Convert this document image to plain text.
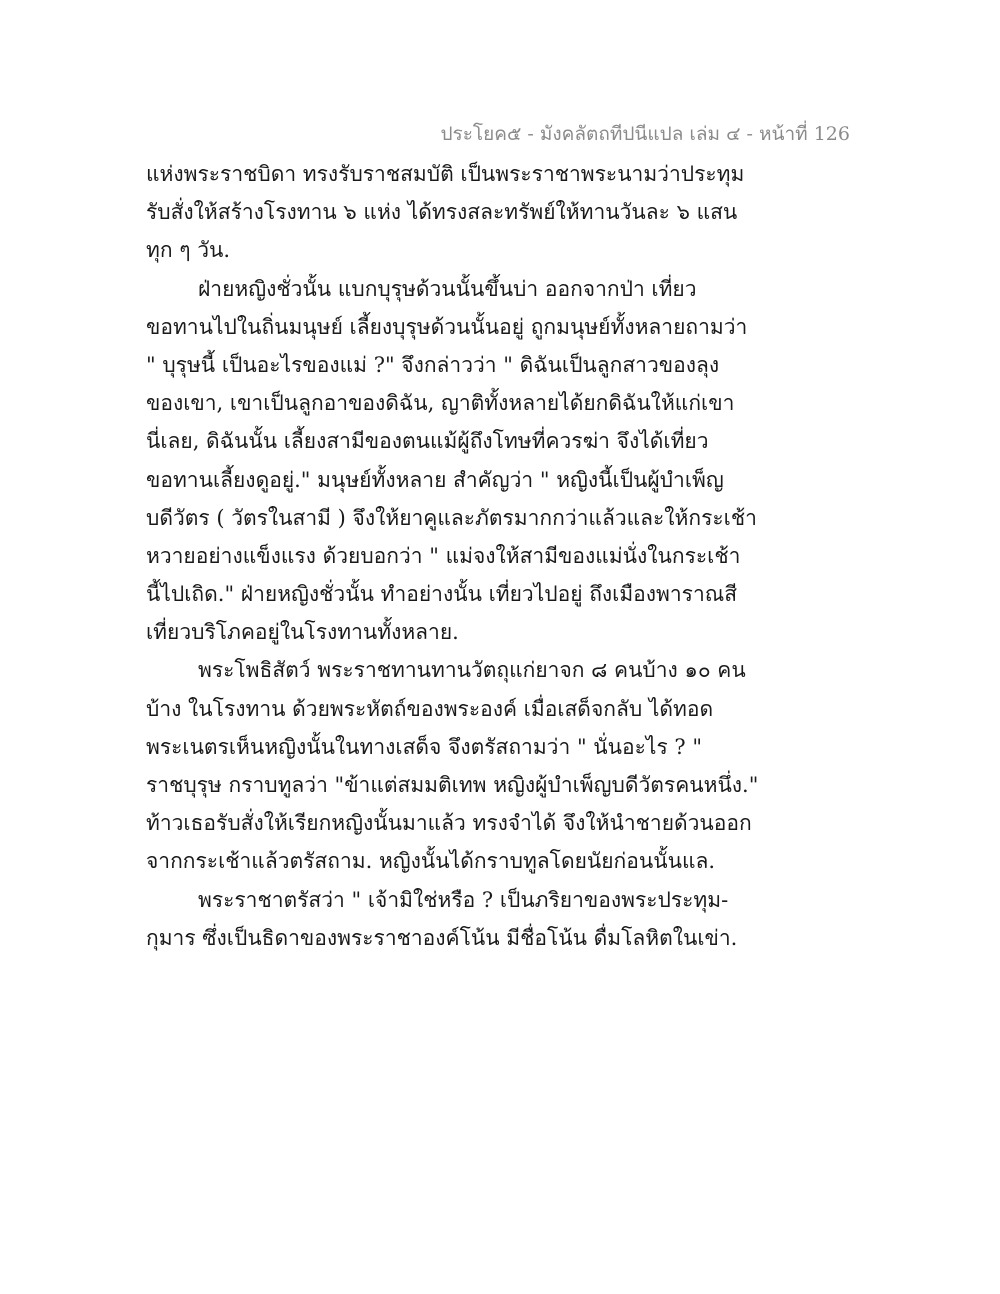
ประโยค๕ - มังคลัตถทีปนีแปล เล่ม ๔ - หน้าที่ 126
แห่งพระราชบิดา ทรงรับราชสมบัติ เป็นพระราชาพระนามว่าประทุม
รับสั่งให้สร้างโรงทาน ๖ แห่ง ได้ทรงสละทรัพย์ให้ทานวันละ ๖ แสน
ทุก ๆ วัน.
ฝ่ายหญิงชั่วนั้น แบกบุรุษด้วนนั้นขึ้นบ่า ออกจากป่า เที่ยว
ขอทานไปในถิ่นมนุษย์ เลี้ยงบุรุษด้วนนั้นอยู่ ถูกมนุษย์ทั้งหลายถามว่า
" บุรุษนี้ เป็นอะไรของแม่ ?" จึงกล่าวว่า " ดิฉันเป็นลูกสาวของลุง
ของเขา, เขาเป็นลูกอาของดิฉัน, ญาติทั้งหลายได้ยกดิฉันให้แก่เขา
นี่เลย, ดิฉันนั้น เลี้ยงสามีของตนแม้ผู้ถึงโทษที่ควรฆ่า จึงได้เที่ยว
ขอทานเลี้ยงดูอยู่." มนุษย์ทั้งหลาย สำคัญว่า " หญิงนี้เป็นผู้บำเพ็ญ
บดีวัตร ( วัตรในสามี ) จึงให้ยาคูและภัตรมากกว่าแล้วและให้กระเช้า
หวายอย่างแข็งแรง ด้วยบอกว่า " แม่จงให้สามีของแม่นั่งในกระเช้า
นี้ไปเถิด." ฝ่ายหญิงชั่วนั้น ทำอย่างนั้น เที่ยวไปอยู่ ถึงเมืองพาราณสี
เที่ยวบริโภคอยู่ในโรงทานทั้งหลาย.
พระโพธิสัตว์ พระราชทานทานวัตถุแก่ยาจก ๘ คนบ้าง ๑๐ คน
บ้าง ในโรงทาน ด้วยพระหัตถ์ของพระองค์ เมื่อเสด็จกลับ ได้ทอด
พระเนตรเห็นหญิงนั้นในทางเสด็จ จึงตรัสถามว่า " นั่นอะไร ? "
ราชบุรุษ กราบทูลว่า "ข้าแต่สมมติเทพ หญิงผู้บำเพ็ญบดีวัตรคนหนึ่ง."
ท้าวเธอรับสั่งให้เรียกหญิงนั้นมาแล้ว ทรงจำได้ จึงให้นำชายด้วนออก
จากกระเช้าแล้วตรัสถาม. หญิงนั้นได้กราบทูลโดยนัยก่อนนั้นแล.
พระราชาตรัสว่า " เจ้ามิใช่หรือ ? เป็นภริยาของพระประทุม-
กุมาร ซึ่งเป็นธิดาของพระราชาองค์โน้น มีชื่อโน้น ดื่มโลหิตในเข่า.
